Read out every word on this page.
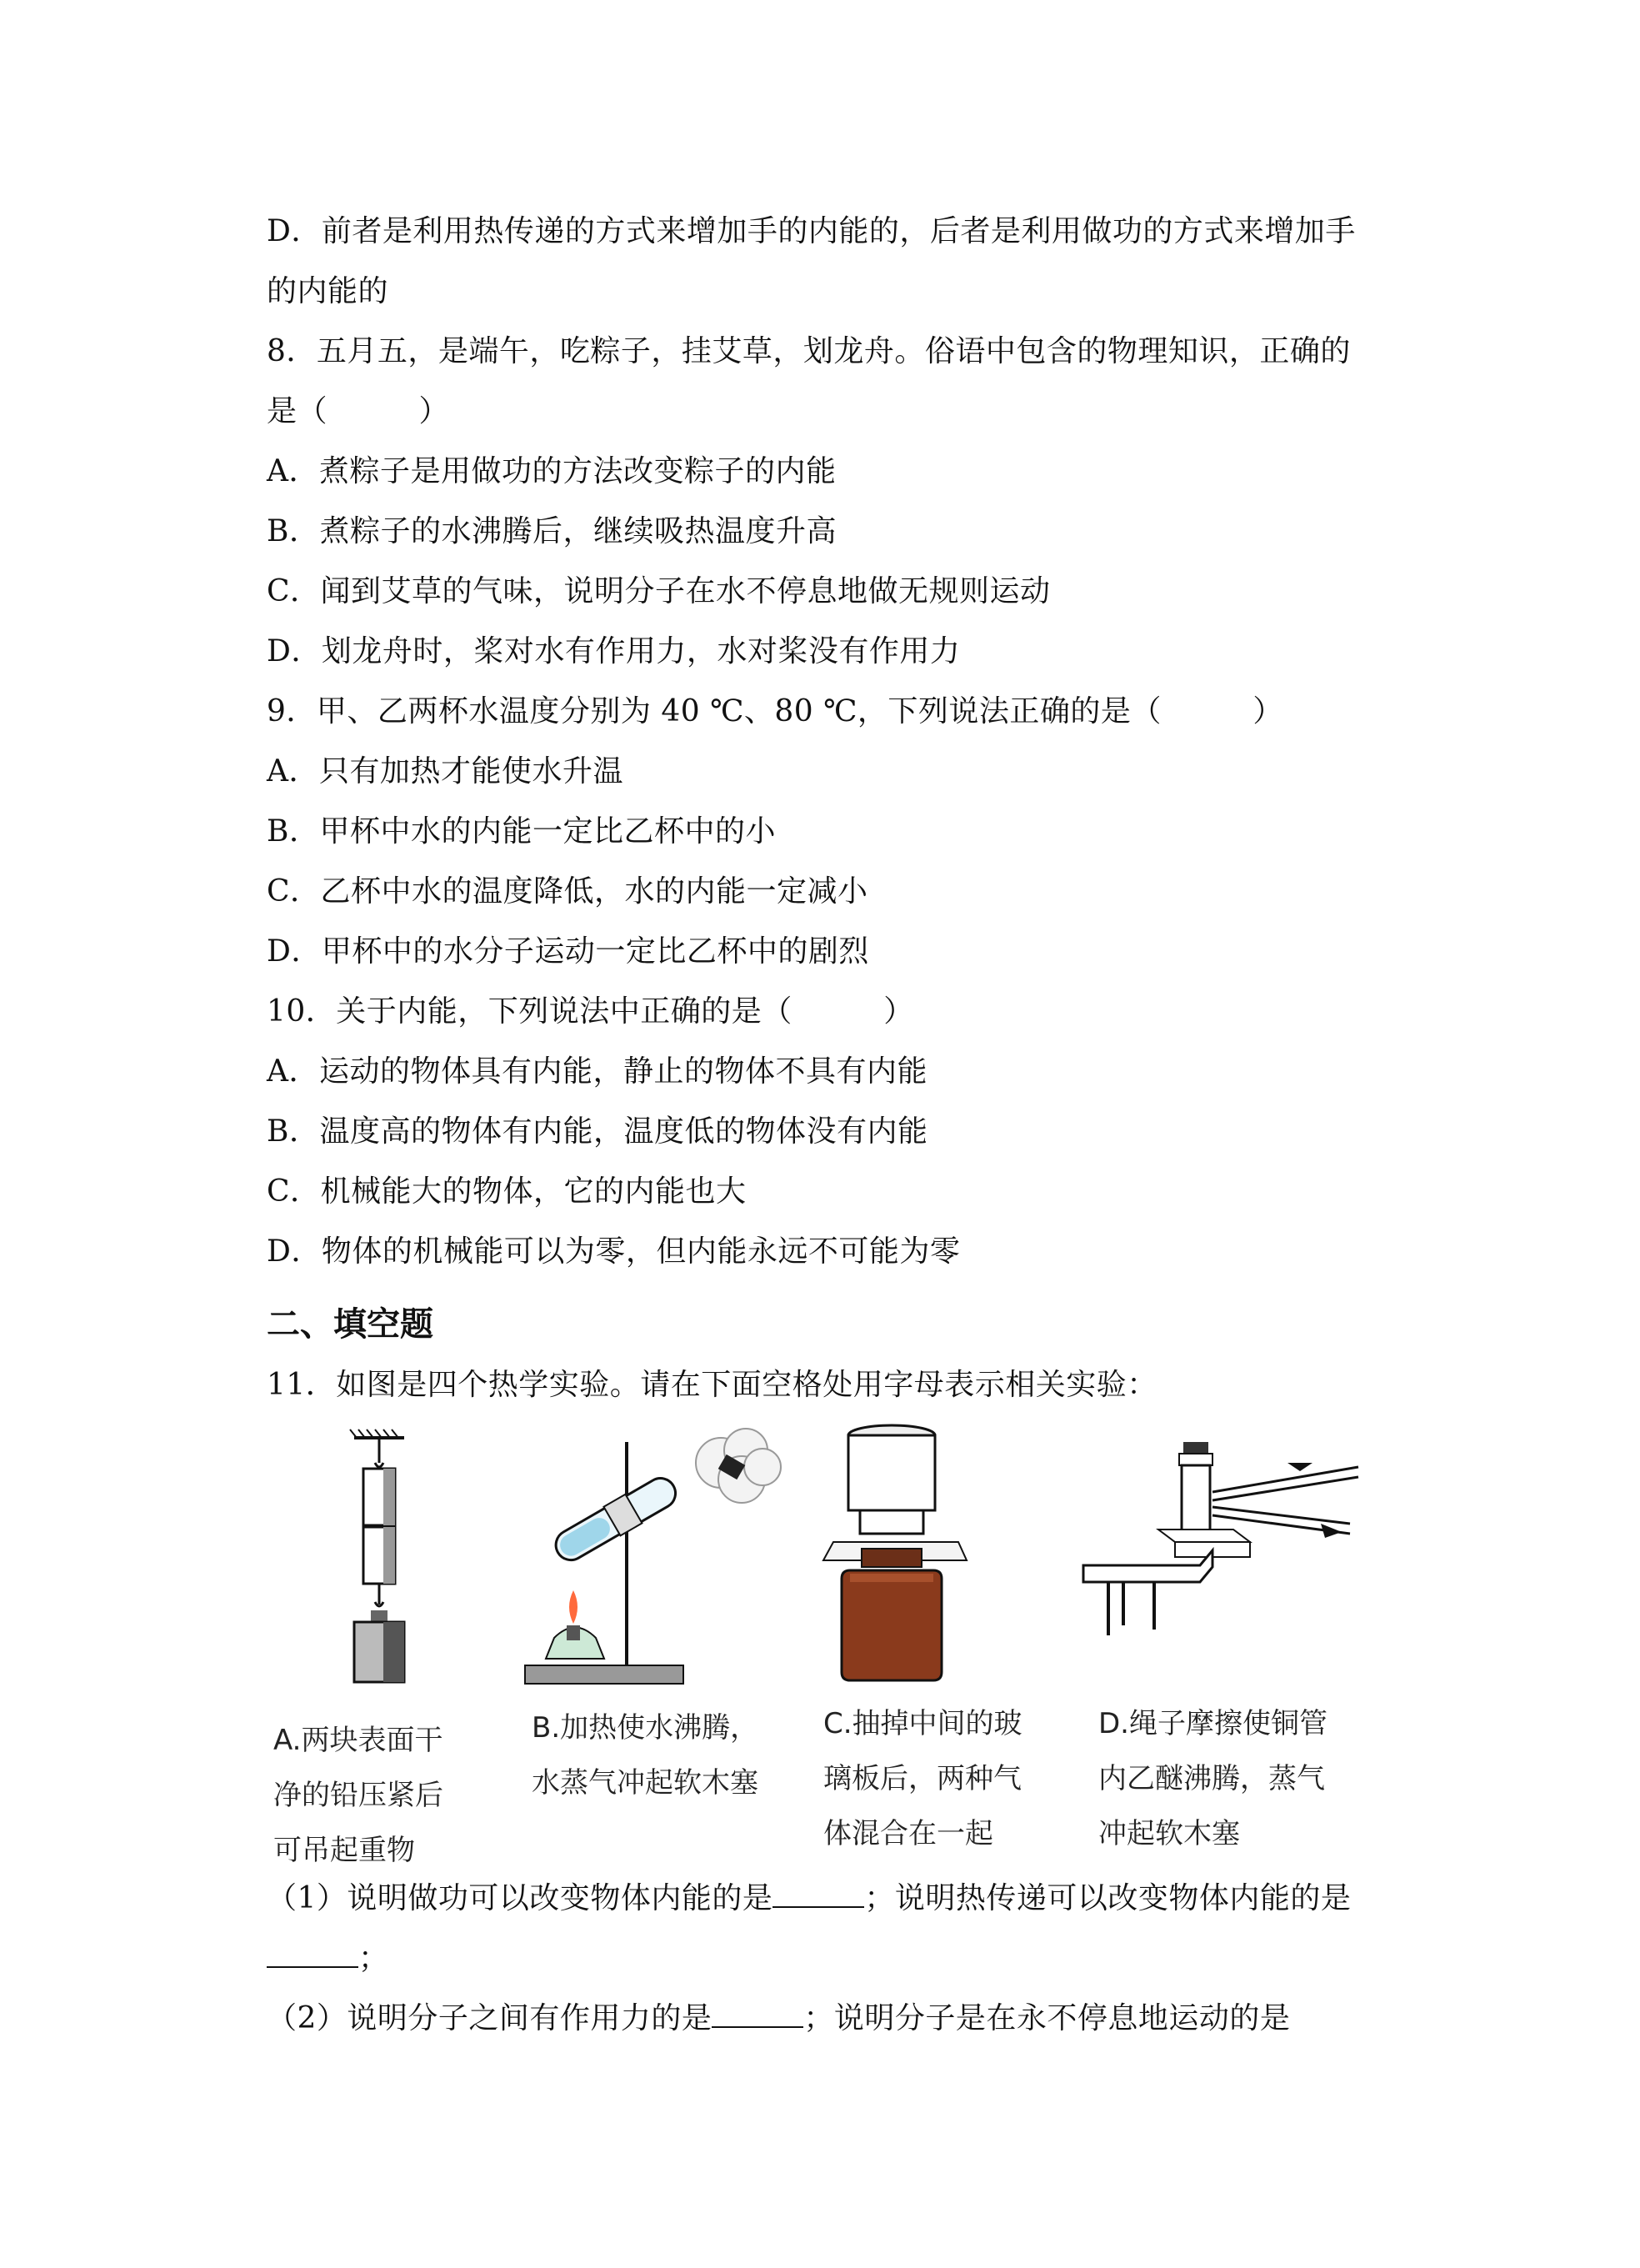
D．前者是利用热传递的方式来增加手的内能的，后者是利用做功的方式来增加手
的内能的
8．五月五，是端午，吃粽子，挂艾草，划龙舟。俗语中包含的物理知识，正确的
是（　　　）
A．煮粽子是用做功的方法改变粽子的内能
B．煮粽子的水沸腾后，继续吸热温度升高
C．闻到艾草的气味，说明分子在水不停息地做无规则运动
D．划龙舟时，桨对水有作用力，水对桨没有作用力
9．甲、乙两杯水温度分别为 40 ℃、80 ℃，下列说法正确的是（　　　）
A．只有加热才能使水升温
B．甲杯中水的内能一定比乙杯中的小
C．乙杯中水的温度降低，水的内能一定减小
D．甲杯中的水分子运动一定比乙杯中的剧烈
10．关于内能，下列说法中正确的是（　　　）
A．运动的物体具有内能，静止的物体不具有内能
B．温度高的物体有内能，温度低的物体没有内能
C．机械能大的物体，它的内能也大
D．物体的机械能可以为零，但内能永远不可能为零
二、填空题
11．如图是四个热学实验。请在下面空格处用字母表示相关实验：
A.两块表面干
净的铅压紧后
可吊起重物
B.加热使水沸腾，
水蒸气冲起软木塞
C.抽掉中间的玻
璃板后，两种气
体混合在一起
D.绳子摩擦使铜管
内乙醚沸腾，蒸气
冲起软木塞
（1）说明做功可以改变物体内能的是	；说明热传递可以改变物体内能的是
；
（2）说明分子之间有作用力的是	；说明分子是在永不停息地运动的是
